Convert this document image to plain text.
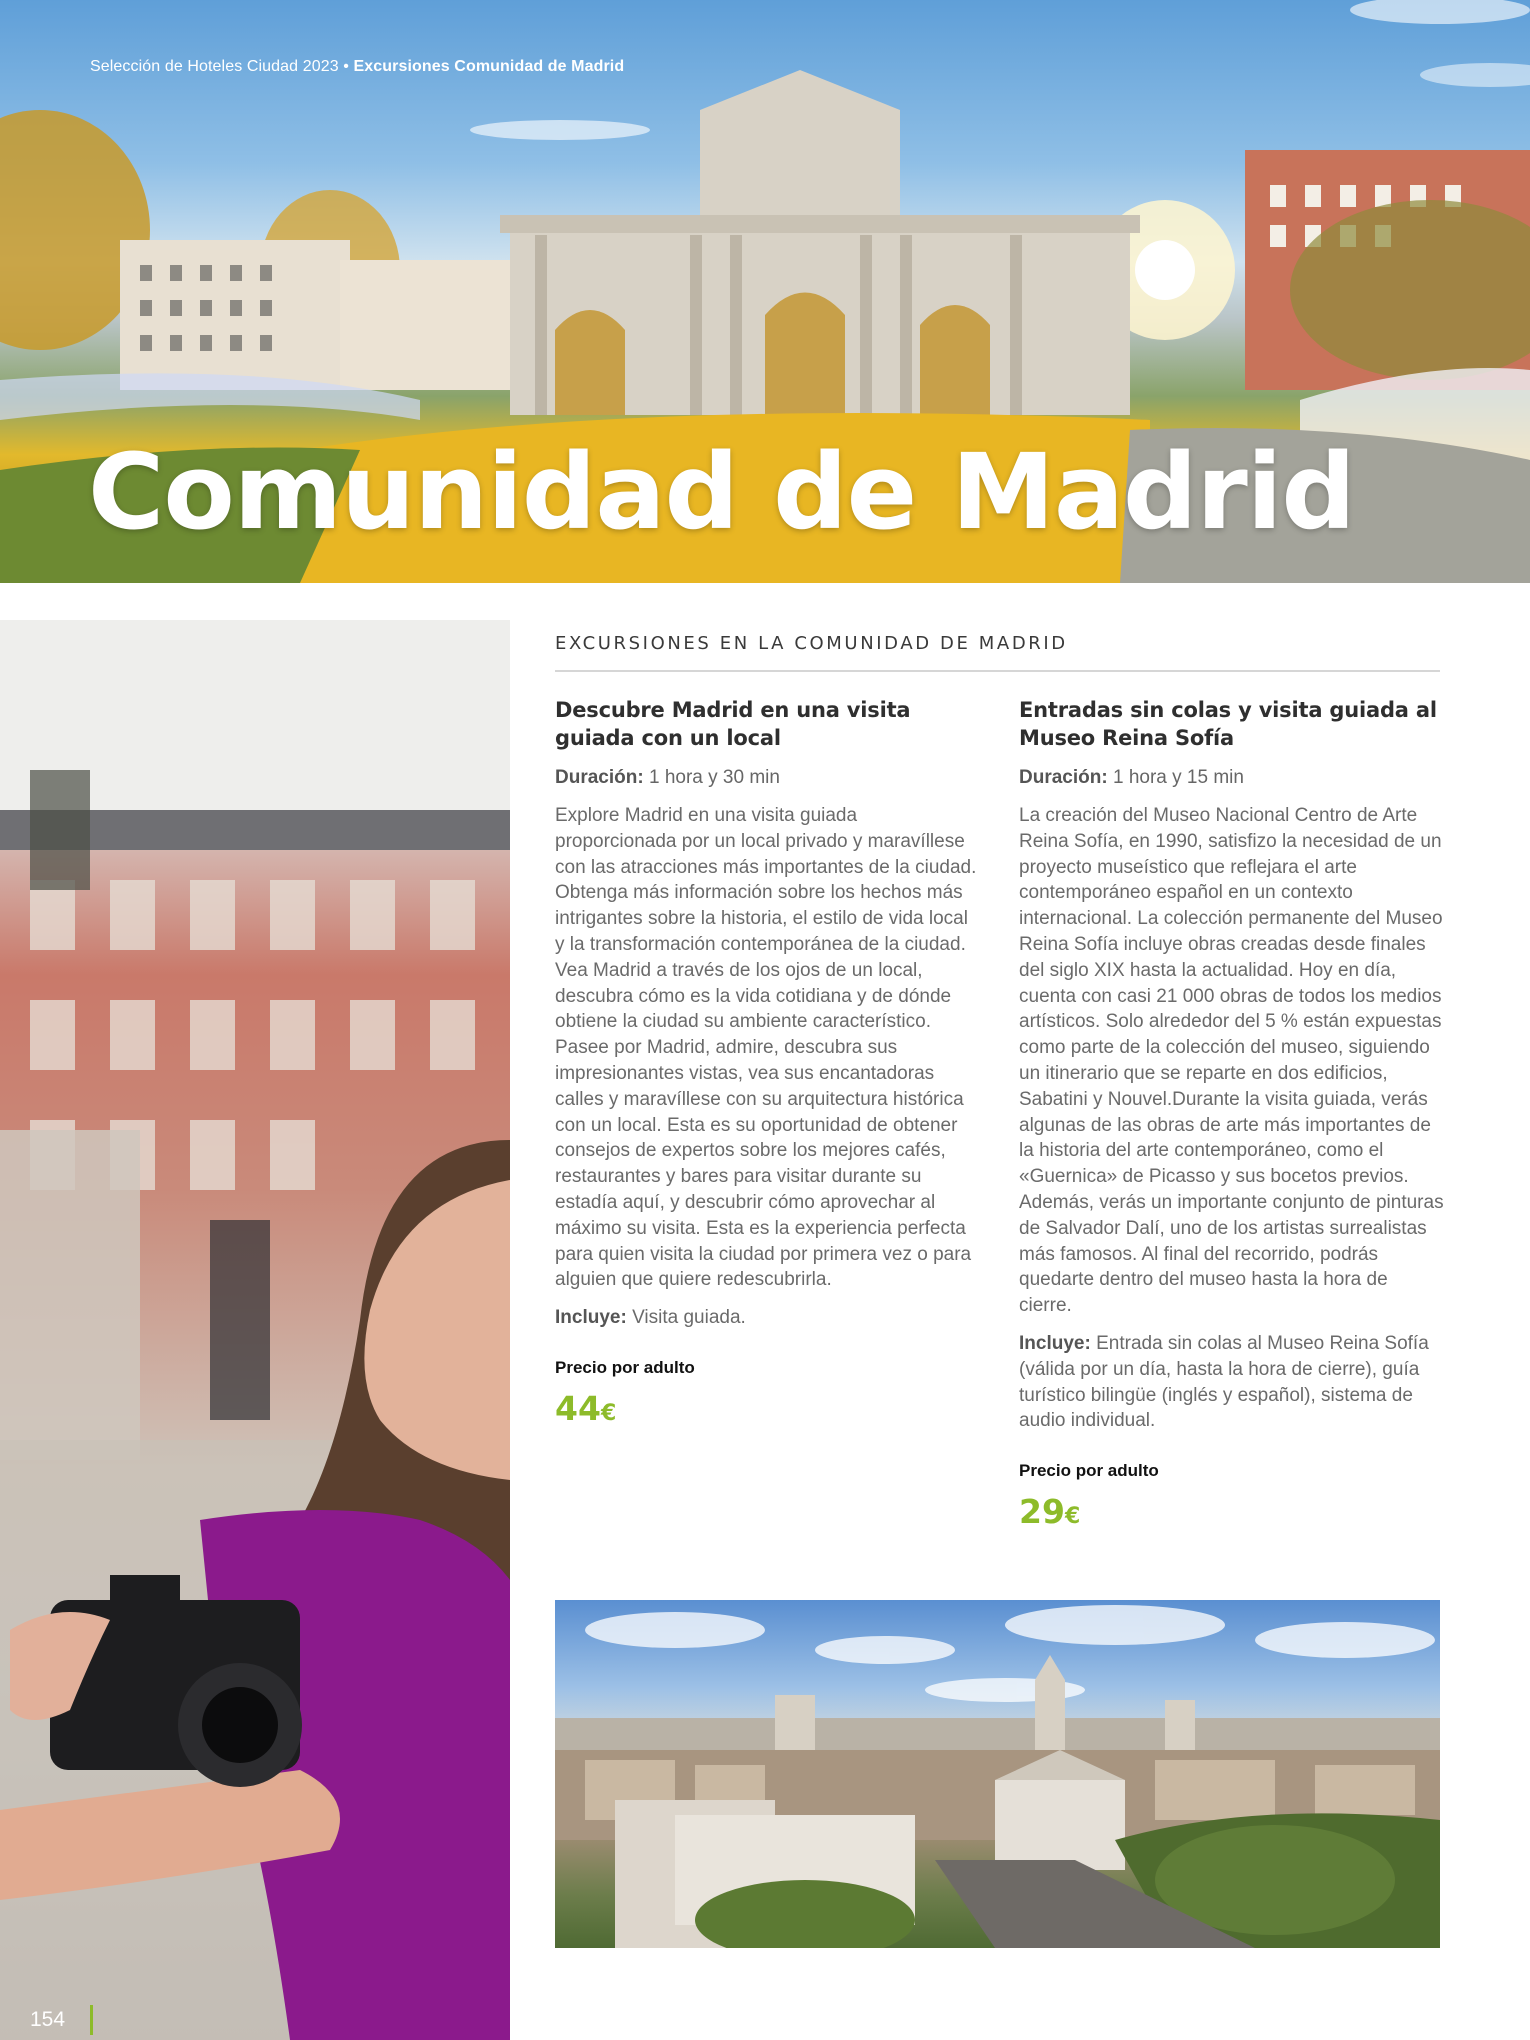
Selección de Hoteles Ciudad 2023 • Excursiones Comunidad de Madrid
Comunidad de Madrid
154
EXCURSIONES EN LA COMUNIDAD DE MADRID
Descubre Madrid en una visita guiada con un local

Duración: 1 hora y 30 min

Explore Madrid en una visita guiada proporcionada por un local privado y maravíllese con las atracciones más importantes de la ciudad. Obtenga más información sobre los hechos más intrigantes sobre la historia, el estilo de vida local y la transformación contemporánea de la ciudad. Vea Madrid a través de los ojos de un local, descubra cómo es la vida cotidiana y de dónde obtiene la ciudad su ambiente característico. Pasee por Madrid, admire, descubra sus impresionantes vistas, vea sus encantadoras calles y maravíllese con su arquitectura histórica con un local. Esta es su oportunidad de obtener consejos de expertos sobre los mejores cafés, restaurantes y bares para visitar durante su estadía aquí, y descubrir cómo aprovechar al máximo su visita. Esta es la experiencia perfecta para quien visita la ciudad por primera vez o para alguien que quiere redescubrirla.

Incluye: Visita guiada.

Precio por adulto

44€

Entradas sin colas y visita guiada al Museo Reina Sofía

Duración: 1 hora y 15 min

La creación del Museo Nacional Centro de Arte Reina Sofía, en 1990, satisfizo la necesidad de un proyecto museístico que reflejara el arte contemporáneo español en un contexto internacional. La colección permanente del Museo Reina Sofía incluye obras creadas desde finales del siglo XIX hasta la actualidad. Hoy en día, cuenta con casi 21 000 obras de todos los medios artísticos. Solo alrededor del 5 % están expuestas como parte de la colección del museo, siguiendo un itinerario que se reparte en dos edificios, Sabatini y Nouvel.Durante la visita guiada, verás algunas de las obras de arte más importantes de la historia del arte contemporáneo, como el «Guernica» de Picasso y sus bocetos previos. Además, verás un importante conjunto de pinturas de Salvador Dalí, uno de los artistas surrealistas más famosos. Al final del recorrido, podrás quedarte dentro del museo hasta la hora de cierre.

Incluye: Entrada sin colas al Museo Reina Sofía (válida por un día, hasta la hora de cierre), guía turístico bilingüe (inglés y español), sistema de audio individual.

Precio por adulto

29€
